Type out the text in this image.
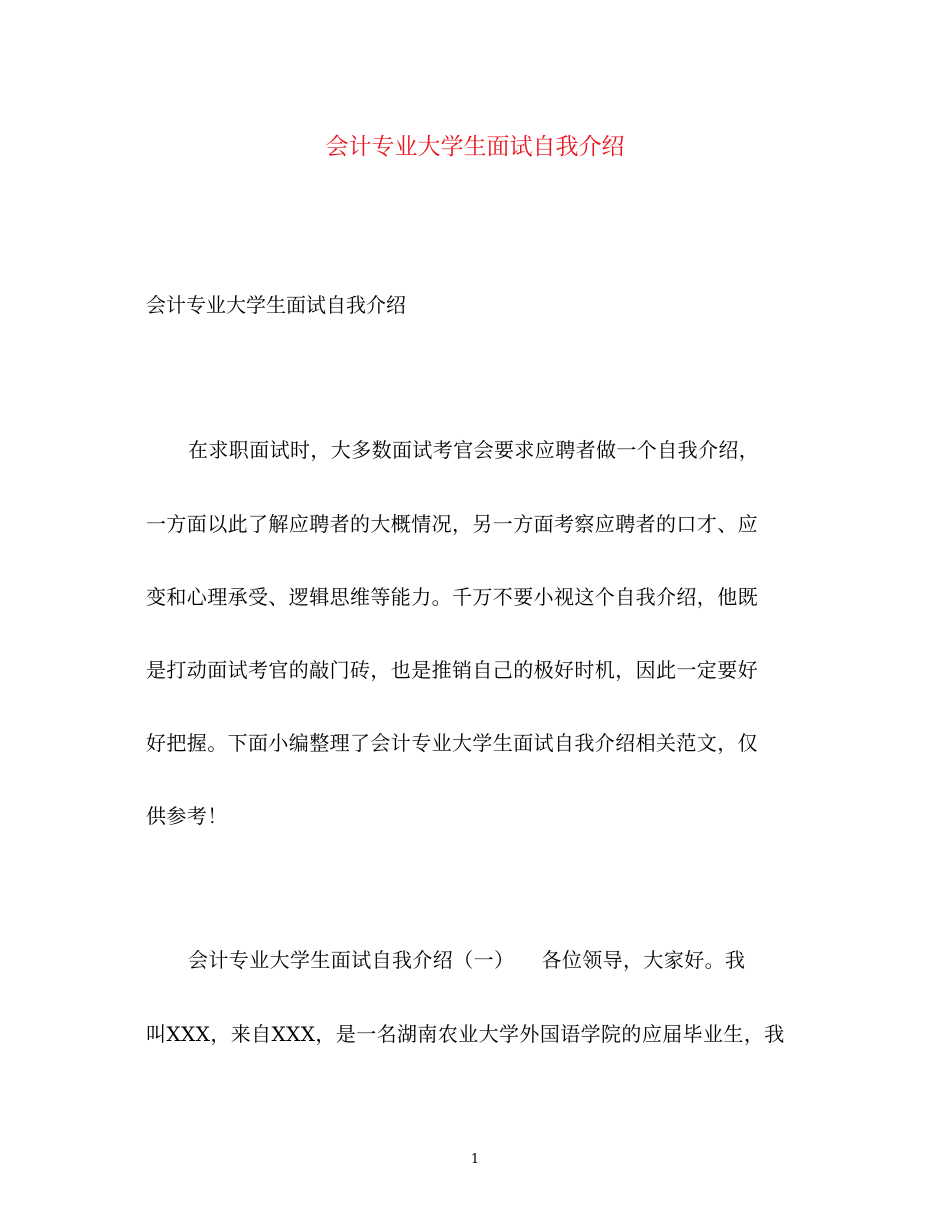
会计专业大学生面试自我介绍
会计专业大学生面试自我介绍
在求职面试时，大多数面试考官会要求应聘者做一个自我介绍，
一方面以此了解应聘者的大概情况，另一方面考察应聘者的口才、应
变和心理承受、逻辑思维等能力。千万不要小视这个自我介绍，他既
是打动面试考官的敲门砖，也是推销自己的极好时机，因此一定要好
好把握。下面小编整理了会计专业大学生面试自我介绍相关范文，仅
供参考！
会计专业大学生面试自我介绍（一）    各位领导，大家好。我
叫XXX，来自XXX，是一名湖南农业大学外国语学院的应届毕业生，我
1
